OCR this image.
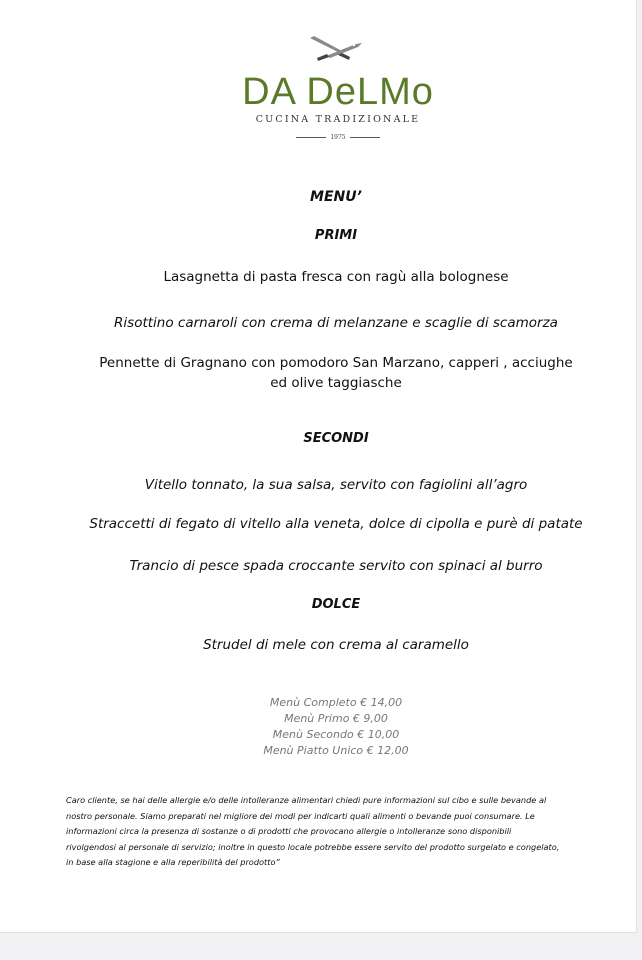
DA DeLMo
CUCINA TRADIZIONALE
1975
MENU’
PRIMI
Lasagnetta di pasta fresca con ragù alla bolognese
Risottino carnaroli con crema di melanzane e scaglie di scamorza
Pennette di Gragnano con pomodoro San Marzano, capperi , acciughe
ed olive taggiasche
SECONDI
Vitello tonnato, la sua salsa, servito con fagiolini all’agro
Straccetti di fegato di vitello alla veneta, dolce di cipolla e purè di patate
Trancio di pesce spada croccante servito con spinaci al burro
DOLCE
Strudel di mele con crema al caramello
Menù Completo € 14,00
Menù Primo € 9,00
Menù Secondo € 10,00
Menù Piatto Unico € 12,00
Caro cliente, se hai delle allergie e/o delle intolleranze alimentari chiedi pure informazioni sul cibo e sulle bevande al
nostro personale. Siamo preparati nel migliore dei modi per indicarti quali alimenti o bevande puoi consumare. Le
informazioni circa la presenza di sostanze o di prodotti che provocano allergie o intolleranze sono disponibili
rivolgendosi al personale di servizio; inoltre in questo locale potrebbe essere servito del prodotto surgelato e congelato,
in base alla stagione e alla reperibilità del prodotto”
